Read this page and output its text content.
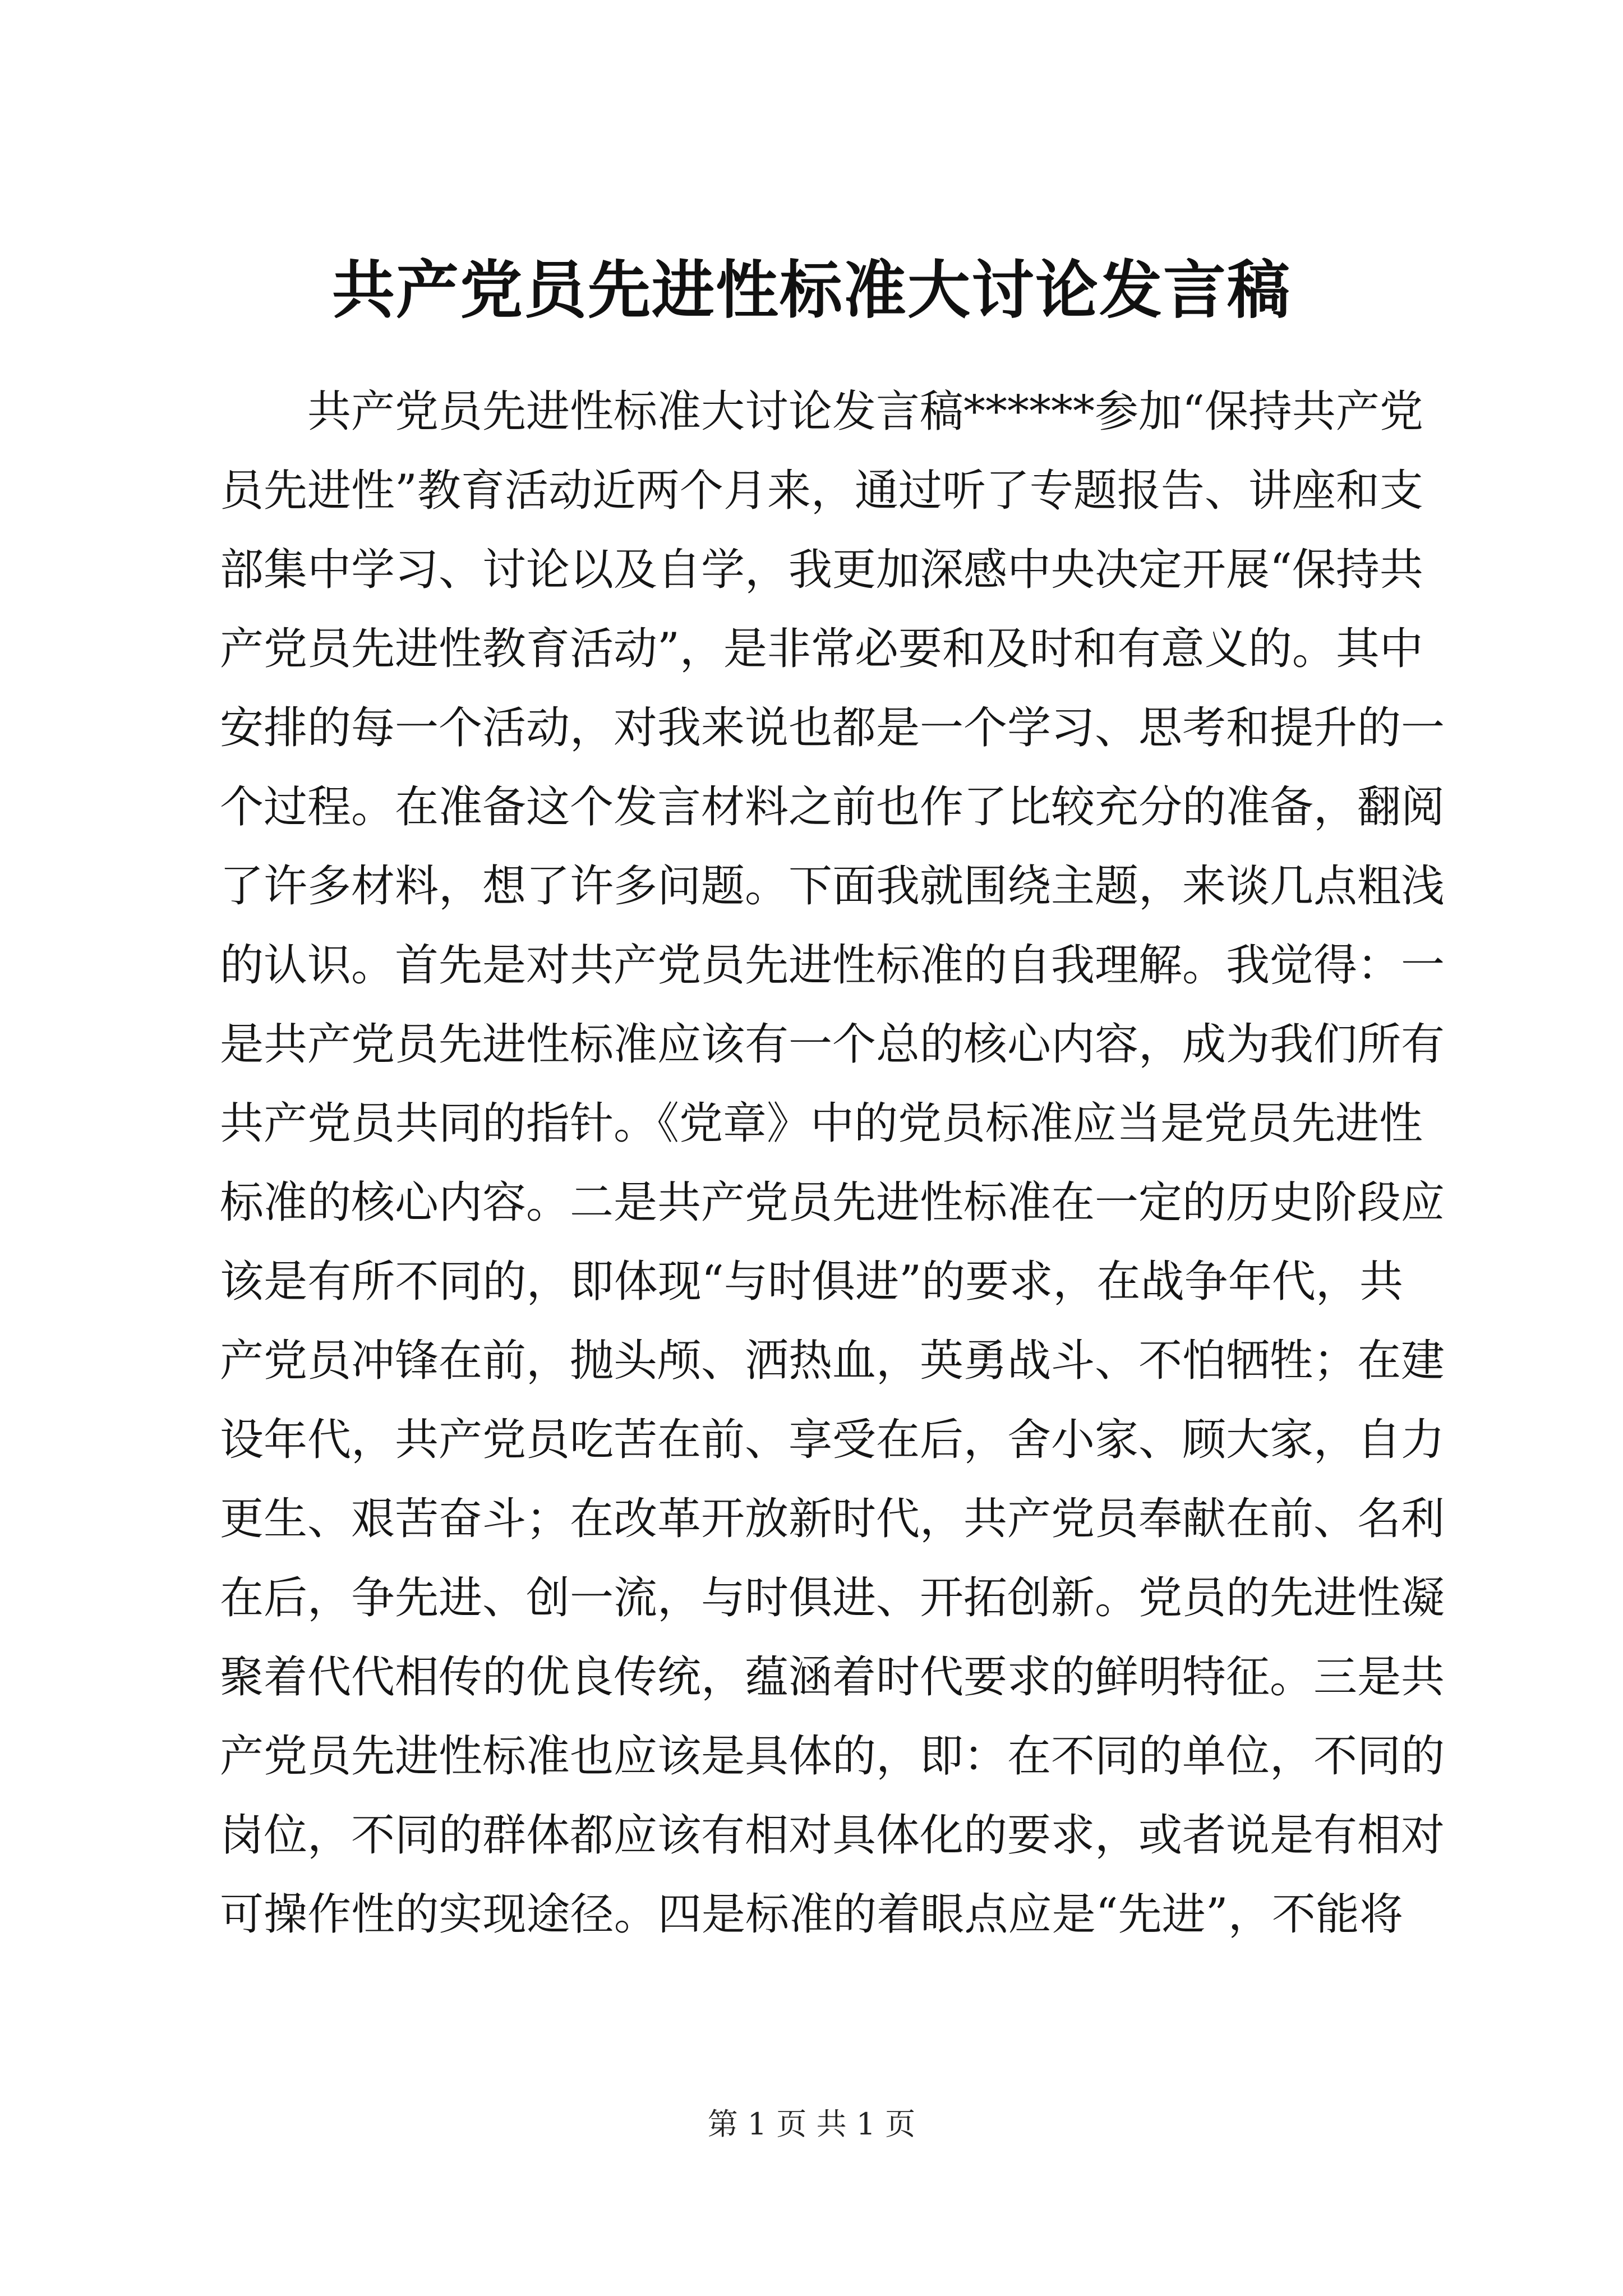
共产党员先进性标准大讨论发言稿
共产党员先进性标准大讨论发言稿******参加“保持共产党
员先进性”教育活动近两个月来，通过听了专题报告、讲座和支
部集中学习、讨论以及自学，我更加深感中央决定开展“保持共
产党员先进性教育活动”，是非常必要和及时和有意义的。其中
安排的每一个活动，对我来说也都是一个学习、思考和提升的一
个过程。在准备这个发言材料之前也作了比较充分的准备，翻阅
了许多材料，想了许多问题。下面我就围绕主题，来谈几点粗浅
的认识。首先是对共产党员先进性标准的自我理解。我觉得：一
是共产党员先进性标准应该有一个总的核心内容，成为我们所有
共产党员共同的指针。《党章》中的党员标准应当是党员先进性
标准的核心内容。二是共产党员先进性标准在一定的历史阶段应
该是有所不同的，即体现“与时俱进”的要求，在战争年代，共
产党员冲锋在前，抛头颅、洒热血，英勇战斗、不怕牺牲；在建
设年代，共产党员吃苦在前、享受在后，舍小家、顾大家，自力
更生、艰苦奋斗；在改革开放新时代，共产党员奉献在前、名利
在后，争先进、创一流，与时俱进、开拓创新。党员的先进性凝
聚着代代相传的优良传统，蕴涵着时代要求的鲜明特征。三是共
产党员先进性标准也应该是具体的，即：在不同的单位，不同的
岗位，不同的群体都应该有相对具体化的要求，或者说是有相对
可操作性的实现途径。四是标准的着眼点应是“先进”，不能将
第 1 页 共 1 页
